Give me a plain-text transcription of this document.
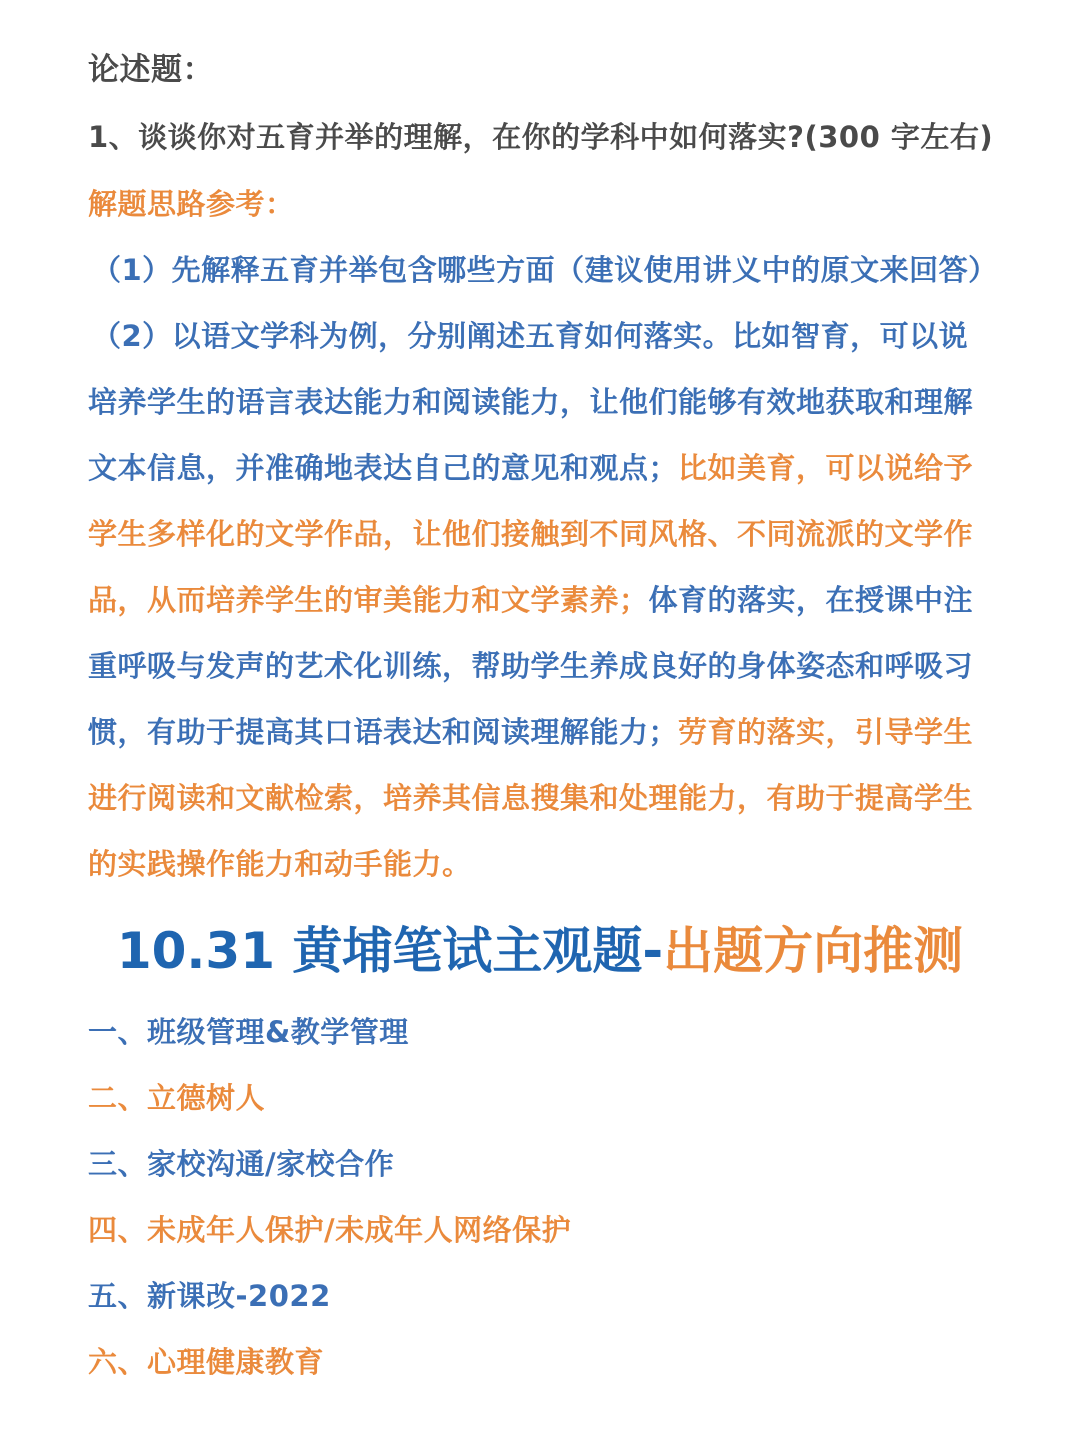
论述题：
1、谈谈你对五育并举的理解，在你的学科中如何落实?(300 字左右)
解题思路参考：
（1）先解释五育并举包含哪些方面（建议使用讲义中的原文来回答）
（2）以语文学科为例，分别阐述五育如何落实。比如智育，可以说
培养学生的语言表达能力和阅读能力，让他们能够有效地获取和理解
文本信息，并准确地表达自己的意见和观点；比如美育，可以说给予
学生多样化的文学作品，让他们接触到不同风格、不同流派的文学作
品，从而培养学生的审美能力和文学素养；体育的落实，在授课中注
重呼吸与发声的艺术化训练，帮助学生养成良好的身体姿态和呼吸习
惯，有助于提高其口语表达和阅读理解能力；劳育的落实，引导学生
进行阅读和文献检索，培养其信息搜集和处理能力，有助于提高学生
的实践操作能力和动手能力。
10.31 黄埔笔试主观题-出题方向推测
一、班级管理&教学管理
二、立德树人
三、家校沟通/家校合作
四、未成年人保护/未成年人网络保护
五、新课改-2022
六、心理健康教育
